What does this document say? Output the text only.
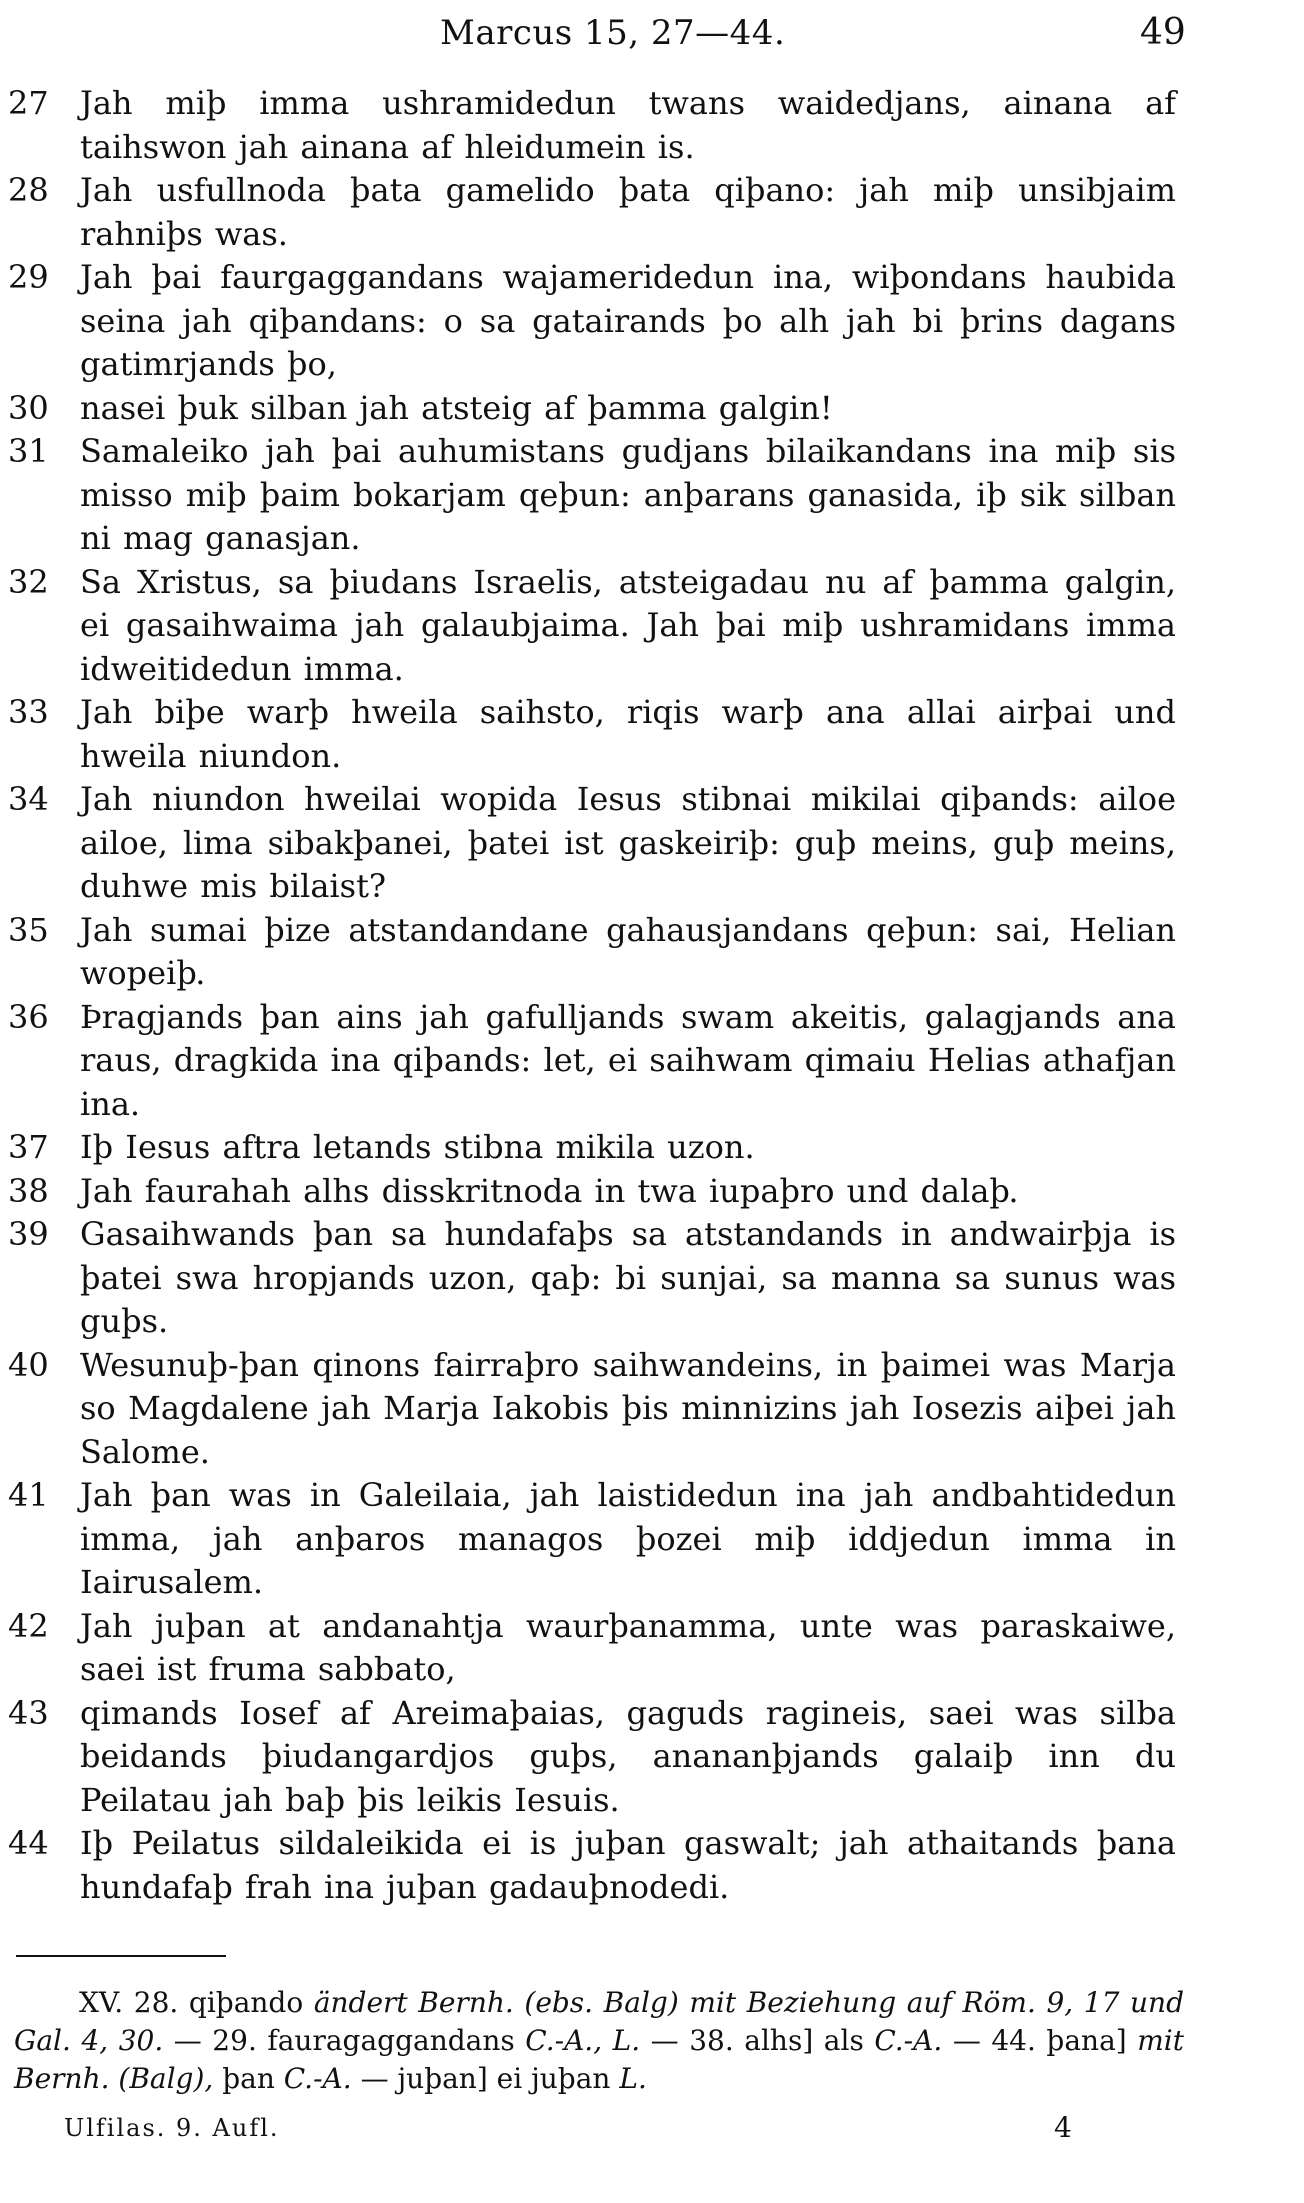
Marcus 15, 27—44.	49
27 Jah miþ imma ushramidedun twans waidedjans, ainana af taihswon jah ainana af hleidumein is.
28 Jah usfullnoda þata gamelido þata qiþano: jah miþ unsibjaim rahniþs was.
29 Jah þai faurgaggandans wajameridedun ina, wiþondans haubida seina jah qiþandans: o sa gatairands þo alh jah bi þrins dagans gatimrjands þo,
30 nasei þuk silban jah atsteig af þamma galgin!
31 Samaleiko jah þai auhumistans gudjans bilaikandans ina miþ sis misso miþ þaim bokarjam qeþun: anþarans ganasida, iþ sik silban ni mag ganasjan.
32 Sa Xristus, sa þiudans Israelis, atsteigadau nu af þamma galgin, ei gasaihwaima jah galaubjaima. Jah þai miþ ushramidans imma idweitidedun imma.
33 Jah biþe warþ hweila saihsto, riqis warþ ana allai airþai und hweila niundon.
34 Jah niundon hweilai wopida Iesus stibnai mikilai qiþands: ailoe ailoe, lima sibakþanei, þatei ist gaskeiriþ: guþ meins, guþ meins, duhwe mis bilaist?
35 Jah sumai þize atstandandane gahausjandans qeþun: sai, Helian wopeiþ.
36 Þragjands þan ains jah gafulljands swam akeitis, galagjands ana raus, dragkida ina qiþands: let, ei saihwam qimaiu Helias athafjan ina.
37 Iþ Iesus aftra letands stibna mikila uzon.
38 Jah faurahah alhs disskritnoda in twa iupaþro und dalaþ.
39 Gasaihwands þan sa hundafaþs sa atstandands in andwairþja is þatei swa hropjands uzon, qaþ: bi sunjai, sa manna sa sunus was guþs.
40 Wesunuþ-þan qinons fairraþro saihwandeins, in þaimei was Marja so Magdalene jah Marja Iakobis þis minnizins jah Iosezis aiþei jah Salome.
41 Jah þan was in Galeilaia, jah laistidedun ina jah andbahtidedun imma, jah anþaros managos þozei miþ iddjedun imma in Iairusalem.
42 Jah juþan at andanahtja waurþanamma, unte was paraskaiwe, saei ist fruma sabbato,
43 qimands Iosef af Areimaþaias, gaguds ragineis, saei was silba beidands þiudangardjos guþs, anananþjands galaiþ inn du Peilatau jah baþ þis leikis Iesuis.
44 Iþ Peilatus sildaleikida ei is juþan gaswalt; jah athaitands þana hundafaþ frah ina juþan gadauþnodedi.
XV. 28. qiþando ändert Bernh. (ebs. Balg) mit Beziehung auf Röm. 9, 17 und Gal. 4, 30. — 29. fauragaggandans C.-A., L. — 38. alhs] als C.-A. — 44. þana] mit Bernh. (Balg), þan C.-A. — juþan] ei juþan L.
Ulfilas. 9. Aufl.	4
